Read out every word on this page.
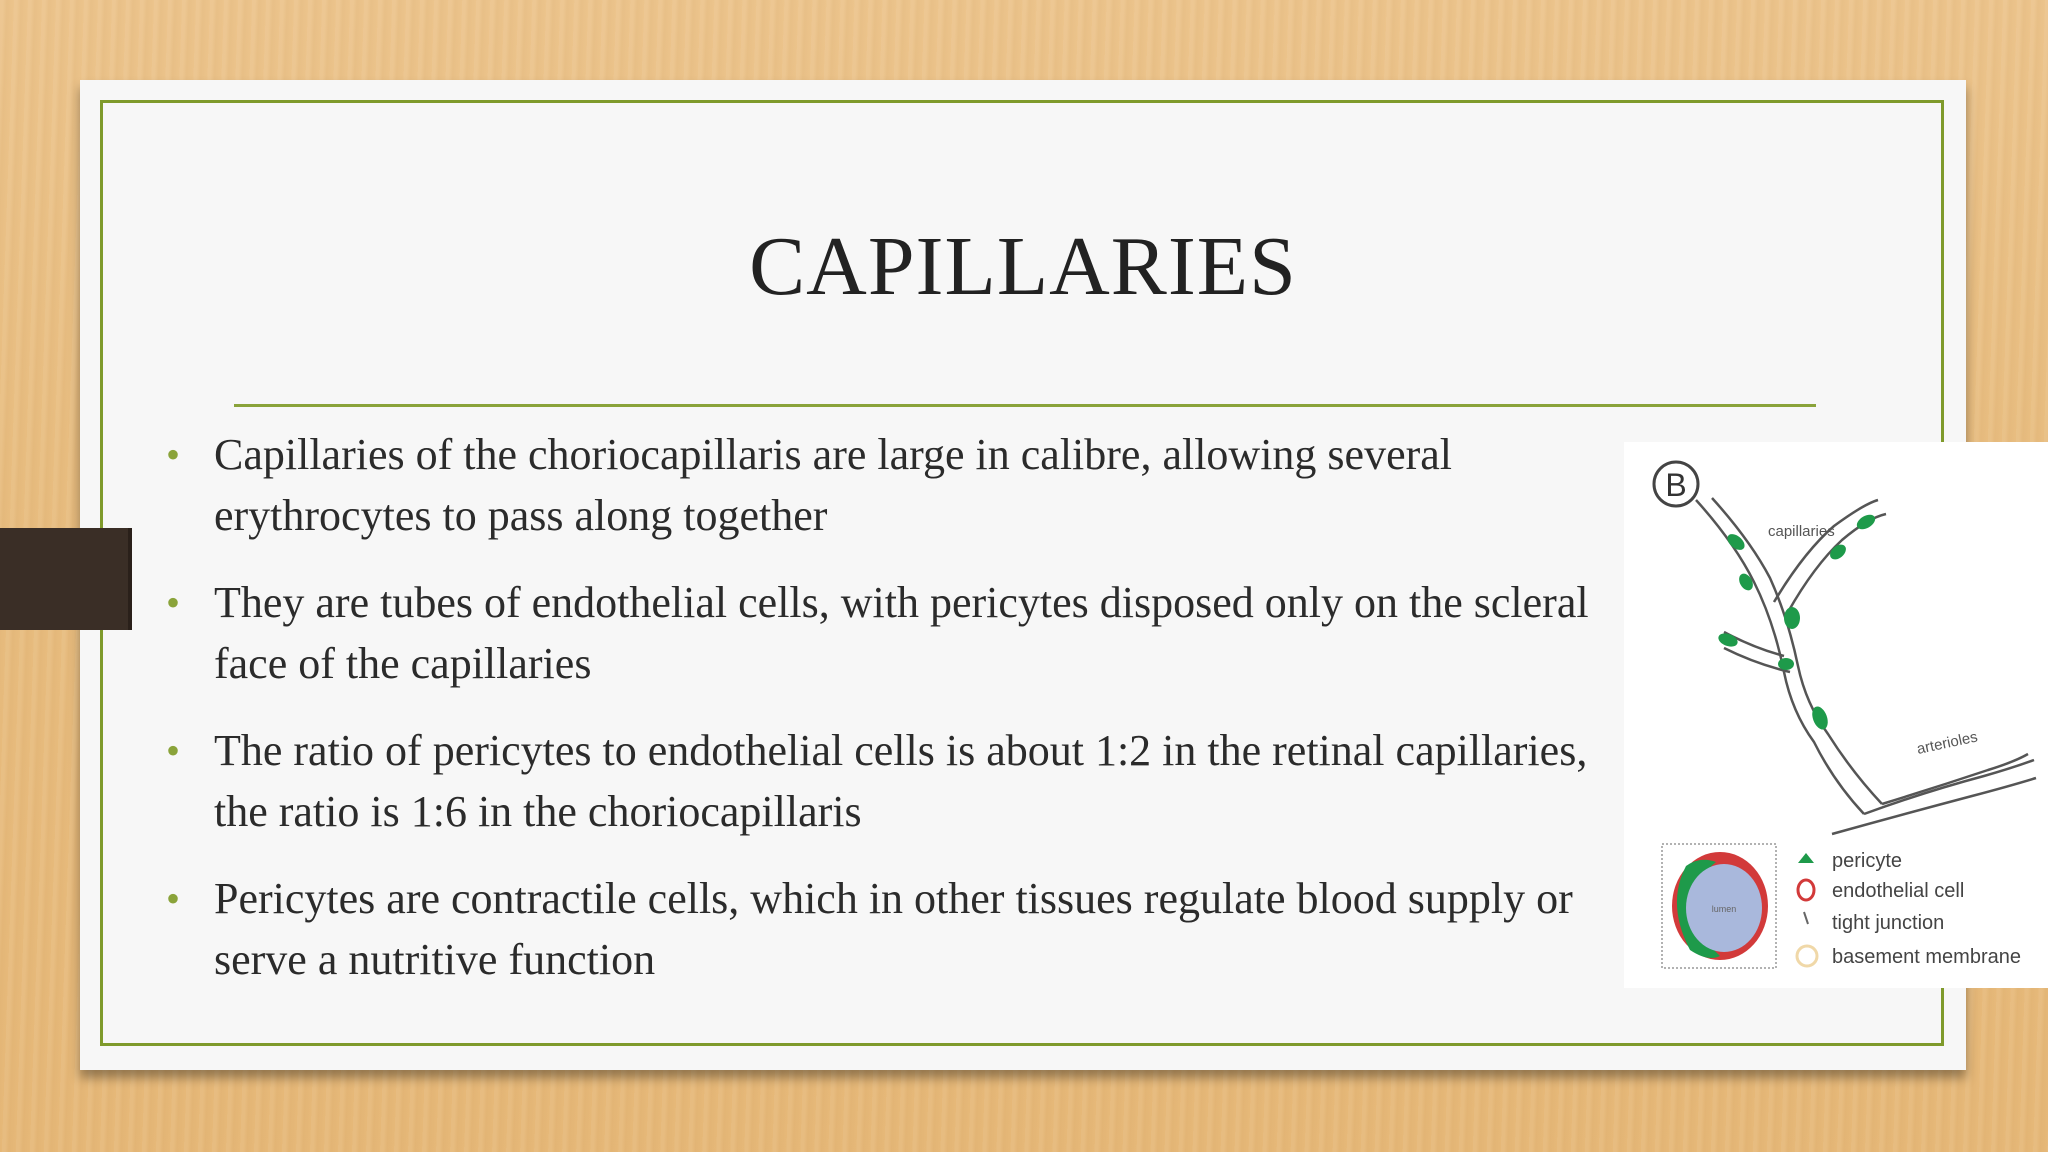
CAPILLARIES
• Capillaries of the choriocapillaris are large in calibre, allowing several erythrocytes to pass along together
• They are tubes of endothelial cells, with pericytes disposed only on the scleral face of the capillaries
• The ratio of pericytes to endothelial cells is about 1:2 in the retinal capillaries, the ratio is 1:6 in the choriocapillaris
• Pericytes are contractile cells, which in other tissues regulate blood supply or serve a nutritive function
B
capillaries
arterioles
lumen
pericyte
endothelial cell
tight junction
basement membrane
